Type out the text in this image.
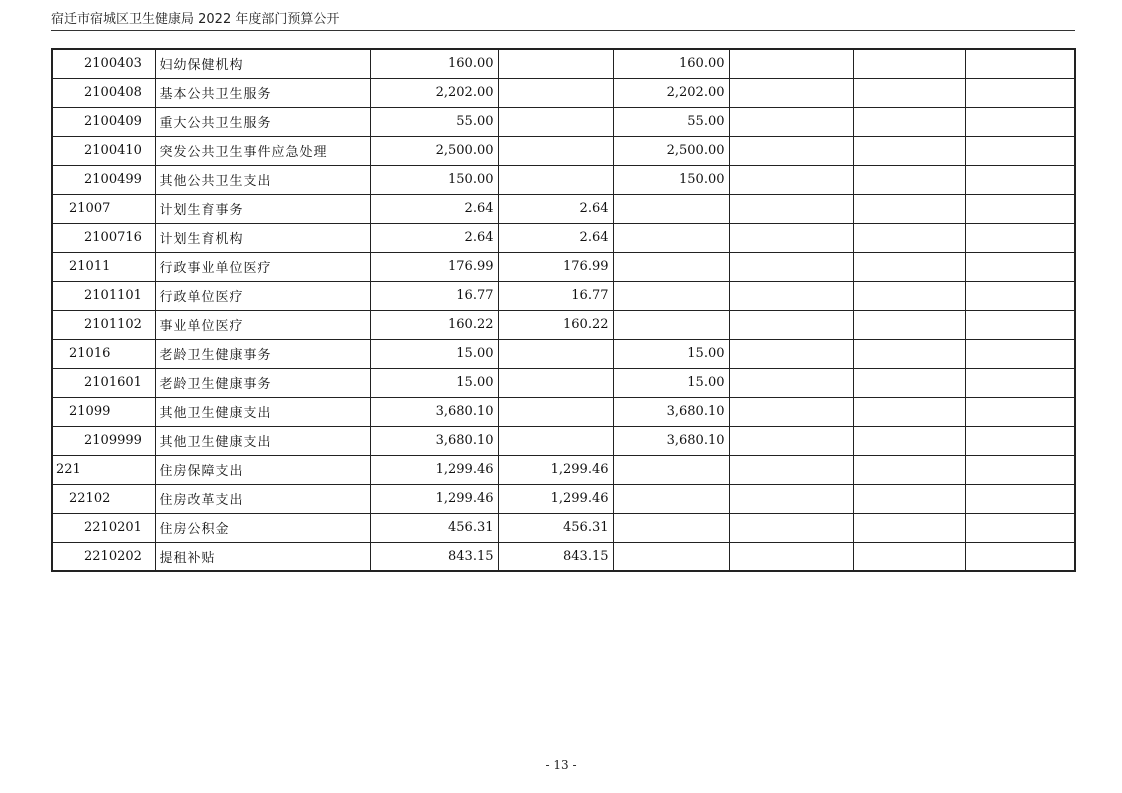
宿迁市宿城区卫生健康局 2022 年度部门预算公开
2100403	妇幼保健机构	160.00		160.00			
2100408	基本公共卫生服务	2,202.00		2,202.00			
2100409	重大公共卫生服务	55.00		55.00			
2100410	突发公共卫生事件应急处理	2,500.00		2,500.00			
2100499	其他公共卫生支出	150.00		150.00			
21007	计划生育事务	2.64	2.64				
2100716	计划生育机构	2.64	2.64				
21011	行政事业单位医疗	176.99	176.99				
2101101	行政单位医疗	16.77	16.77				
2101102	事业单位医疗	160.22	160.22				
21016	老龄卫生健康事务	15.00		15.00			
2101601	老龄卫生健康事务	15.00		15.00			
21099	其他卫生健康支出	3,680.10		3,680.10			
2109999	其他卫生健康支出	3,680.10		3,680.10			
221	住房保障支出	1,299.46	1,299.46				
22102	住房改革支出	1,299.46	1,299.46				
2210201	住房公积金	456.31	456.31				
2210202	提租补贴	843.15	843.15				
- 13 -
